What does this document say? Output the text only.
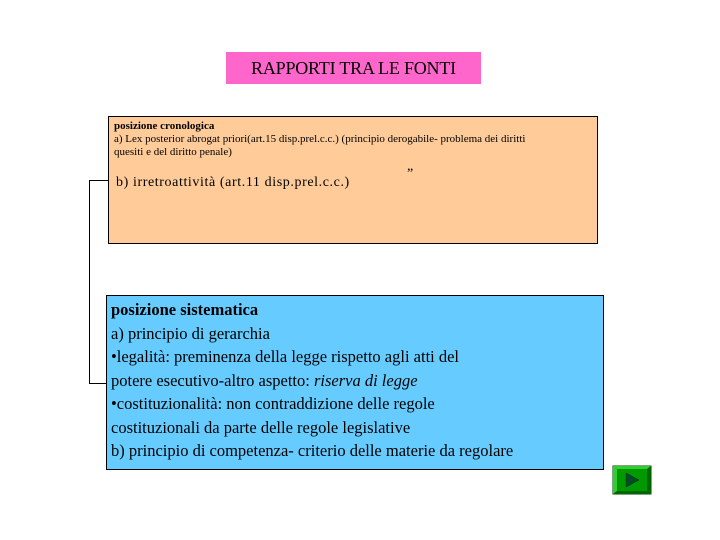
RAPPORTI TRA LE FONTI
posizione cronologica
a) Lex posterior abrogat priori(art.15 disp.prel.c.c.) (principio derogabile- problema dei diritti quesiti e del diritto penale)
„
b) irretroattività (art.11 disp.prel.c.c.)
posizione sistematica
a) principio di gerarchia
•legalità: preminenza della legge rispetto agli atti del
potere esecutivo-altro aspetto: riserva di legge
•costituzionalità: non contraddizione delle regole
costituzionali da parte delle regole legislative
b) principio di competenza- criterio delle materie da regolare
